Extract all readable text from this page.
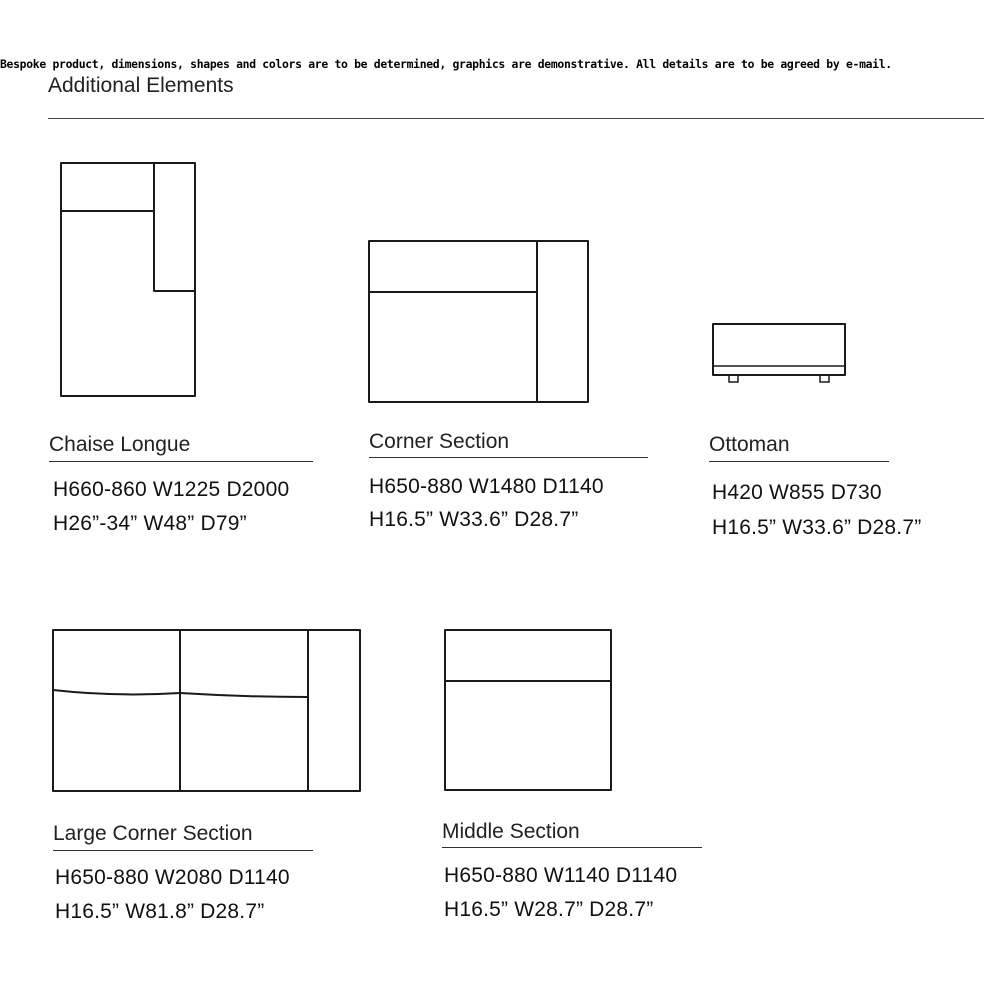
Bespoke product, dimensions, shapes and colors are to be determined, graphics are demonstrative. All details are to be agreed by e-mail.
Additional Elements
Chaise Longue
H660-860 W1225 D2000
H26”-34” W48” D79”
Corner Section
H650-880 W1480 D1140
H16.5” W33.6” D28.7”
Ottoman
H420 W855 D730
H16.5” W33.6” D28.7”
Large Corner Section
H650-880 W2080 D1140
H16.5” W81.8” D28.7”
Middle Section
H650-880 W1140 D1140
H16.5” W28.7” D28.7”
